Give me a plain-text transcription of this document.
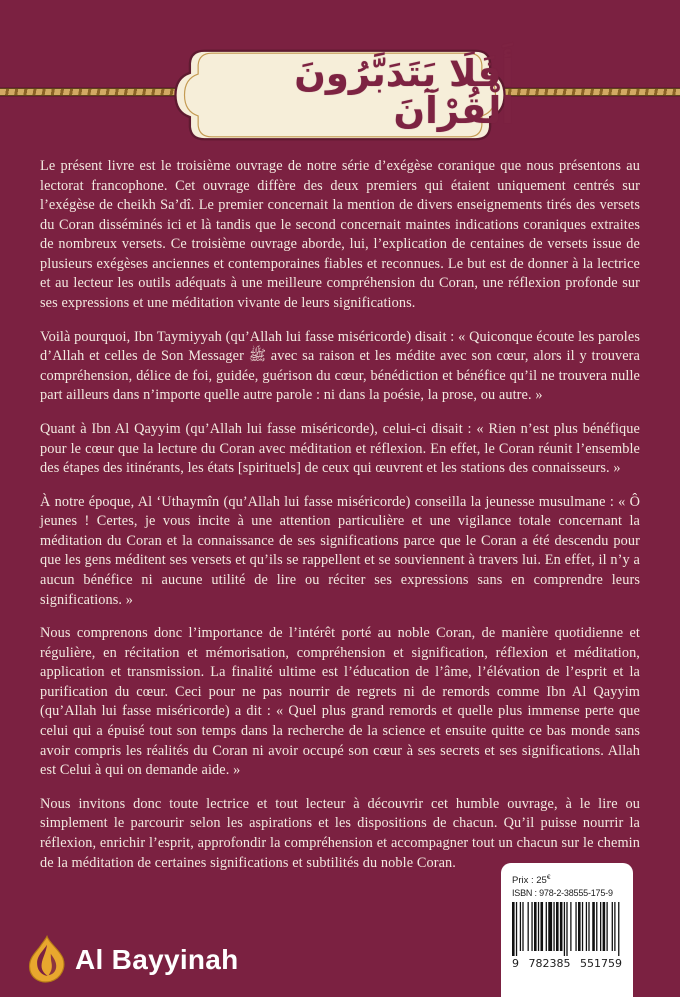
أَفَلَا يَتَدَبَّرُونَ الْقُرْآنَ

Le présent livre est le troisième ouvrage de notre série d’exégèse coranique que nous présentons au lectorat francophone. Cet ouvrage diffère des deux premiers qui étaient uniquement centrés sur l’exégèse de cheikh Sa’dî. Le premier concernait la mention de divers enseignements tirés des versets du Coran disséminés ici et là tandis que le second concernait maintes indications coraniques extraites de nombreux versets. Ce troisième ouvrage aborde, lui, l’explication de centaines de versets issue de plusieurs exégèses anciennes et contemporaines fiables et reconnues. Le but est de donner à la lectrice et au lecteur les outils adéquats à une meilleure compréhension du Coran, une réflexion profonde sur ses expressions et une méditation vivante de leurs significations.

Voilà pourquoi, Ibn Taymiyyah (qu’Allah lui fasse miséricorde) disait : « Quiconque écoute les paroles d’Allah et celles de Son Messager ﷺ avec sa raison et les médite avec son cœur, alors il y trouvera compréhension, délice de foi, guidée, guérison du cœur, bénédiction et bénéfice qu’il ne trouvera nulle part ailleurs dans n’importe quelle autre parole : ni dans la poésie, la prose, ou autre. »

Quant à Ibn Al Qayyim (qu’Allah lui fasse miséricorde), celui-ci disait : « Rien n’est plus bénéfique pour le cœur que la lecture du Coran avec méditation et réflexion. En effet, le Coran réunit l’ensemble des étapes des itinérants, les états [spirituels] de ceux qui œuvrent et les stations des connaisseurs. »

À notre époque, Al ‘Uthaymîn (qu’Allah lui fasse miséricorde) conseilla la jeunesse musulmane : « Ô jeunes ! Certes, je vous incite à une attention particulière et une vigilance totale concernant la méditation du Coran et la connaissance de ses significations parce que le Coran a été descendu pour que les gens méditent ses versets et qu’ils se rappellent et se souviennent à travers lui. En effet, il n’y a aucun bénéfice ni aucune utilité de lire ou réciter ses expressions sans en comprendre leurs significations. »

Nous comprenons donc l’importance de l’intérêt porté au noble Coran, de manière quotidienne et régulière, en récitation et mémorisation, compréhension et signification, réflexion et méditation, application et transmission. La finalité ultime est l’éducation de l’âme, l’élévation de l’esprit et la purification du cœur. Ceci pour ne pas nourrir de regrets ni de remords comme Ibn Al Qayyim (qu’Allah lui fasse miséricorde) a dit : « Quel plus grand remords et quelle plus immense perte que celui qui a épuisé tout son temps dans la recherche de la science et ensuite quitte ce bas monde sans avoir compris les réalités du Coran ni avoir occupé son cœur à ses secrets et ses significations. Allah est Celui à qui on demande aide. »

Nous invitons donc toute lectrice et tout lecteur à découvrir cet humble ouvrage, à le lire ou simplement le parcourir selon les aspirations et les dispositions de chacun. Qu’il puisse nourrir la réflexion, enrichir l’esprit, approfondir la compréhension et accompagner tout un chacun sur le chemin de la méditation de certaines significations et subtilités du noble Coran.

Al Bayyinah
Prix : 25€
ISBN : 978-2-38555-175-9
9 782385 551759
